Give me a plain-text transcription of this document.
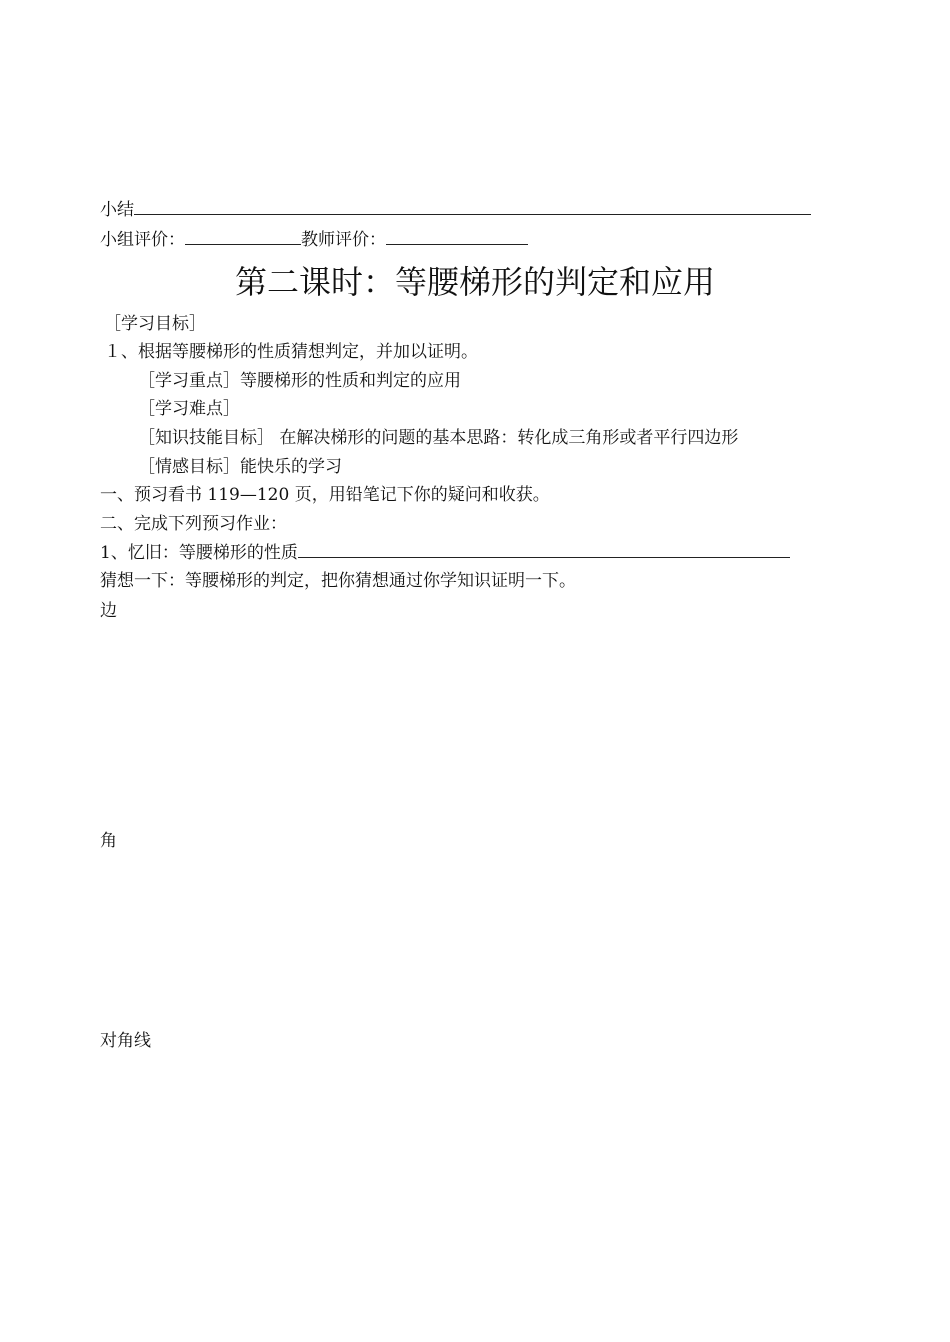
小结
小组评价：	教师评价：
第二课时：等腰梯形的判定和应用
［学习目标］
１、根据等腰梯形的性质猜想判定，并加以证明。
［学习重点］等腰梯形的性质和判定的应用
［学习难点］
［知识技能目标］ 在解决梯形的问题的基本思路：转化成三角形或者平行四边形
［情感目标］能快乐的学习
一、预习看书 119—120 页，用铅笔记下你的疑问和收获。
二、完成下列预习作业：
1、忆旧：等腰梯形的性质
猜想一下：等腰梯形的判定，把你猜想通过你学知识证明一下。
边
角
对角线
